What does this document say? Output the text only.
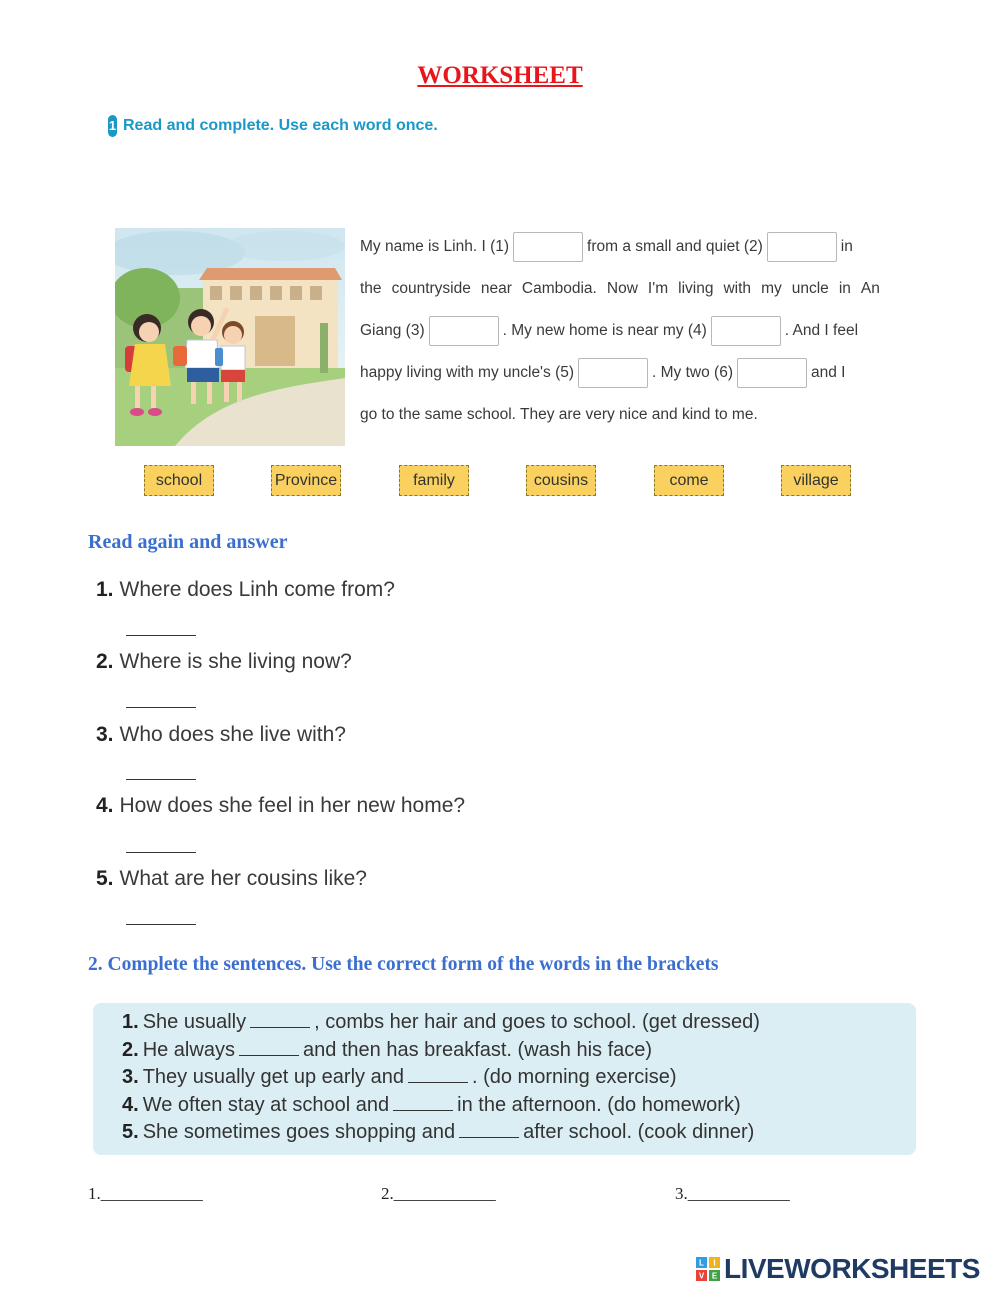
WORKSHEET
1 Read and complete. Use each word once.
My name is Linh. I (1)	from a small and quiet (2)	in
the countryside near Cambodia. Now I'm living with my uncle in An
Giang (3)	. My new home is near my (4)	. And I feel
happy living with my uncle's (5)	. My two (6)	and I
go to the same school. They are very nice and kind to me.
school	Province	family	cousins	come	village
Read again and answer
1. Where does Linh come from?
2. Where is she living now?
3. Who does she live with?
4. How does she feel in her new home?
5. What are her cousins like?
2. Complete the sentences. Use the correct form of the words in the brackets
1. She usually	, combs her hair and goes to school. (get dressed)
2. He always	and then has breakfast. (wash his face)
3. They usually get up early and	. (do morning exercise)
4. We often stay at school and	in the afternoon. (do homework)
5. She sometimes goes shopping and	after school. (cook dinner)
1.____________	2.____________	3.____________
L I
V E LIVEWORKSHEETS
